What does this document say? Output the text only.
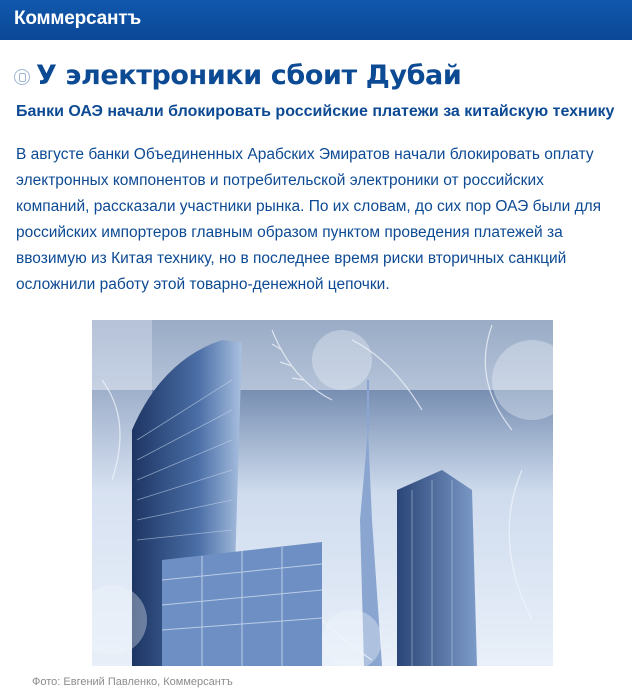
Коммерсантъ
У электроники сбоит Дубай
Банки ОАЭ начали блокировать российские платежи за китайскую технику
В августе банки Объединенных Арабских Эмиратов начали блокировать оплату электронных компонентов и потребительской электроники от российских компаний, рассказали участники рынка. По их словам, до сих пор ОАЭ были для российских импортеров главным образом пунктом проведения платежей за ввозимую из Китая технику, но в последнее время риски вторичных санкций осложнили работу этой товарно-денежной цепочки.
Фото: Евгений Павленко, Коммерсантъ
